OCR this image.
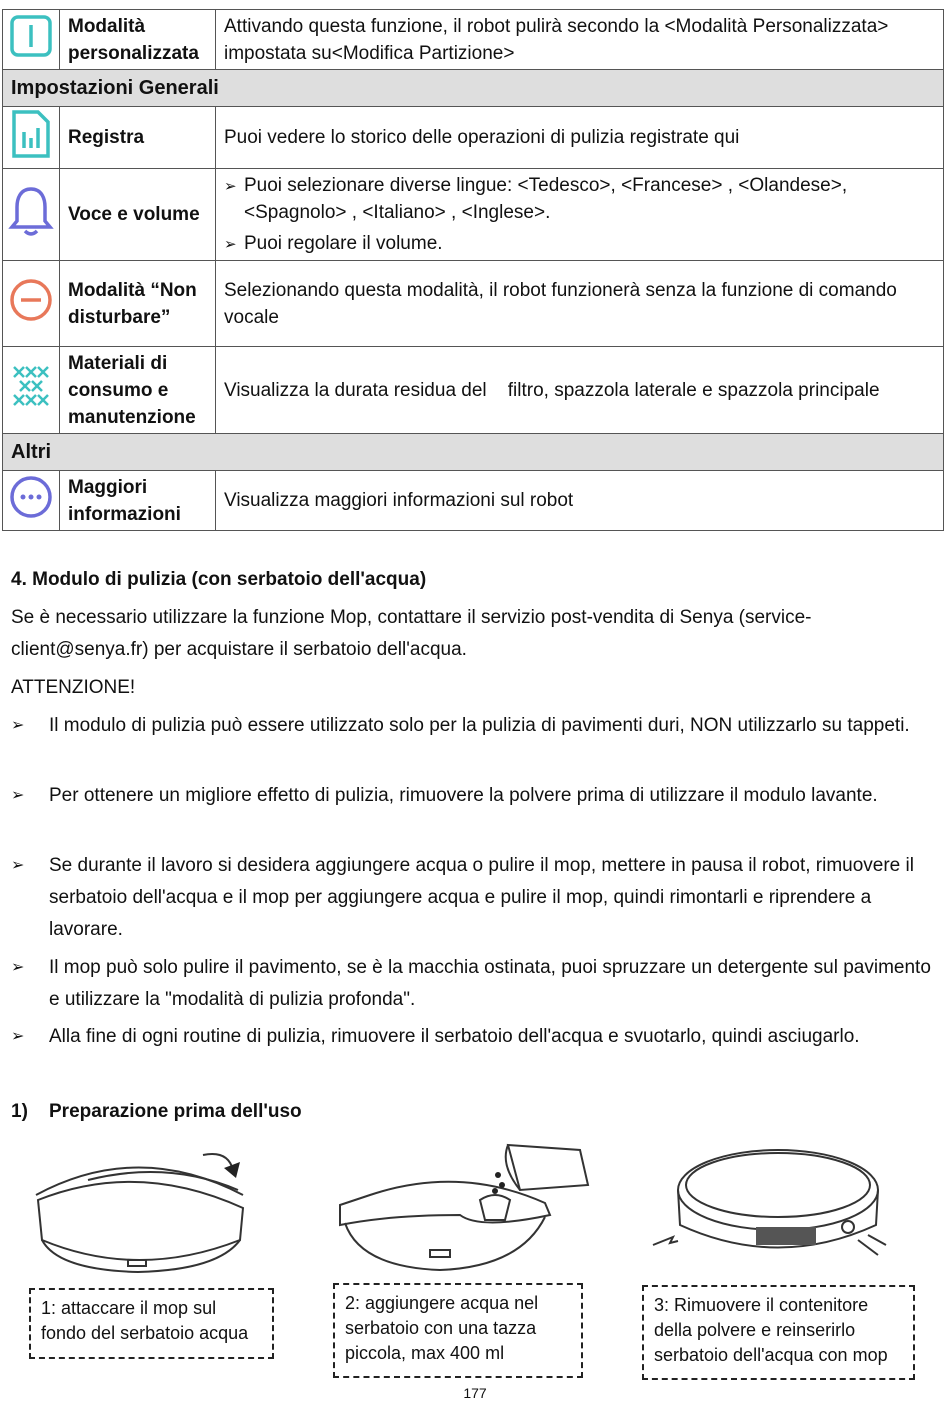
	Modalità personalizzata	Attivando questa funzione, il robot pulirà secondo la <Modalità Personalizzata>    impostata su<Modifica Partizione>
Impostazioni Generali		
	Registra	Puoi vedere lo storico delle operazioni di pulizia registrate qui
	Voce e volume	➢ Puoi selezionare diverse lingue: <Tedesco>, <Francese> , <Olandese>, <Spagnolo> , <Italiano> , <Inglese>.
➢ Puoi regolare il volume.

	Modalità “Non disturbare”	Selezionando questa modalità, il robot funzionerà senza la funzione di comando vocale
	Materiali di consumo e manutenzione	Visualizza la durata residua del    filtro, spazzola laterale e spazzola principale
Altri		
	Maggiori informazioni	Visualizza maggiori informazioni sul robot
4. Modulo di pulizia (con serbatoio dell'acqua)
Se è necessario utilizzare la funzione Mop, contattare il servizio post-vendita di Senya (service-client@senya.fr) per acquistare il serbatoio dell'acqua.
ATTENZIONE!
➢	Il modulo di pulizia può essere utilizzato solo per la pulizia di pavimenti duri, NON utilizzarlo su tappeti.
➢	Per ottenere un migliore effetto di pulizia, rimuovere la polvere prima di utilizzare il modulo lavante.
➢	Se durante il lavoro si desidera aggiungere acqua o pulire il mop, mettere in pausa il robot, rimuovere il serbatoio dell'acqua e il mop per aggiungere acqua e pulire il mop, quindi rimontarli e riprendere a lavorare.
➢	Il mop può solo pulire il pavimento, se è la macchia ostinata, puoi spruzzare un detergente sul pavimento e utilizzare la "modalità di pulizia profonda".
➢	Alla fine di ogni routine di pulizia, rimuovere il serbatoio dell'acqua e svuotarlo, quindi asciugarlo.
1)    Preparazione prima dell'uso
1: attaccare il mop sul fondo del serbatoio acqua
2: aggiungere acqua nel serbatoio con una tazza piccola, max 400 ml
3: Rimuovere il contenitore della polvere e reinserirlo serbatoio dell'acqua con mop
177
